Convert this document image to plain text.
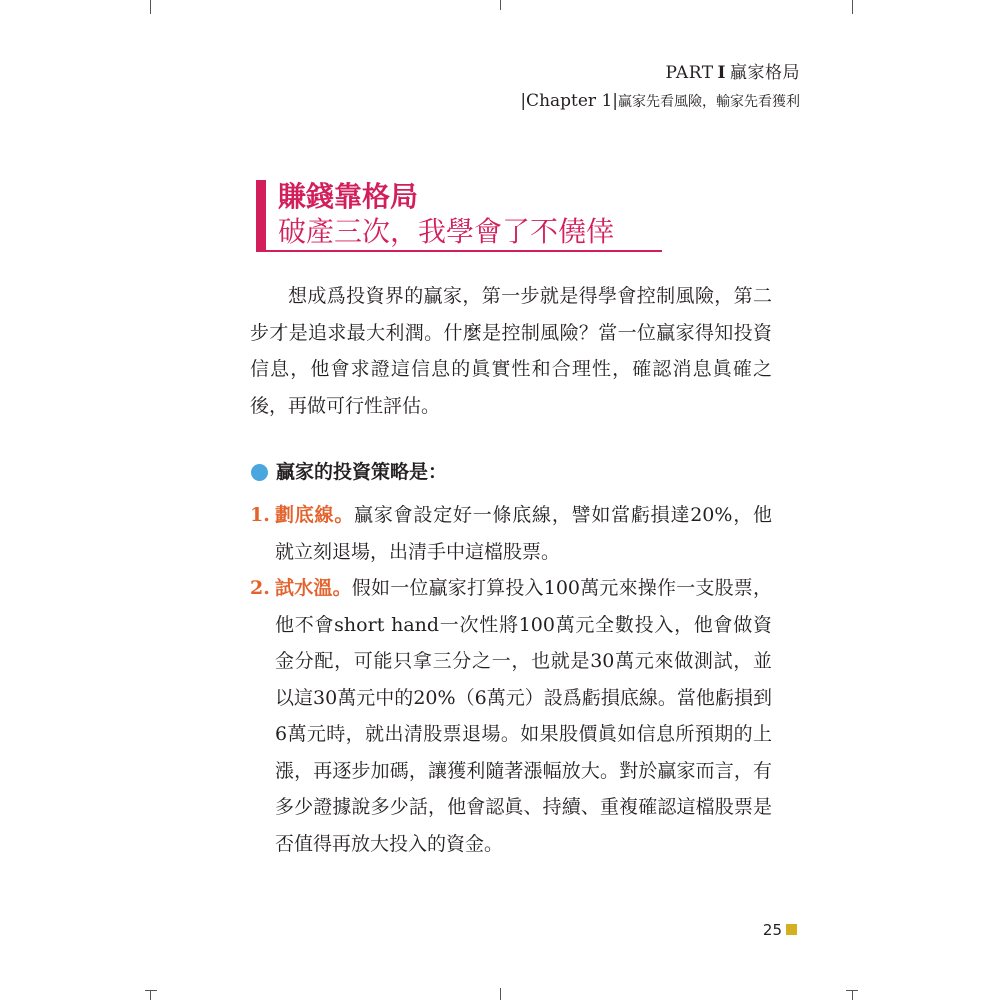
PART I 贏家格局
|Chapter 1|贏家先看風險，輸家先看獲利
賺錢靠格局
破產三次，我學會了不僥倖
想成爲投資界的贏家，第一步就是得學會控制風險，第二步才是追求最大利潤。什麼是控制風險？當一位贏家得知投資信息，他會求證這信息的眞實性和合理性，確認消息眞確之後，再做可行性評估。
贏家的投資策略是：
1. 劃底線。贏家會設定好一條底線，譬如當虧損達20%，他就立刻退場，出清手中這檔股票。
2. 試水溫。假如一位贏家打算投入100萬元來操作一支股票，他不會short hand一次性將100萬元全數投入，他會做資金分配，可能只拿三分之一，也就是30萬元來做測試，並以這30萬元中的20%（6萬元）設爲虧損底線。當他虧損到6萬元時，就出清股票退場。如果股價眞如信息所預期的上漲，再逐步加碼，讓獲利隨著漲幅放大。對於贏家而言，有多少證據說多少話，他會認眞、持續、重複確認這檔股票是否值得再放大投入的資金。
25
